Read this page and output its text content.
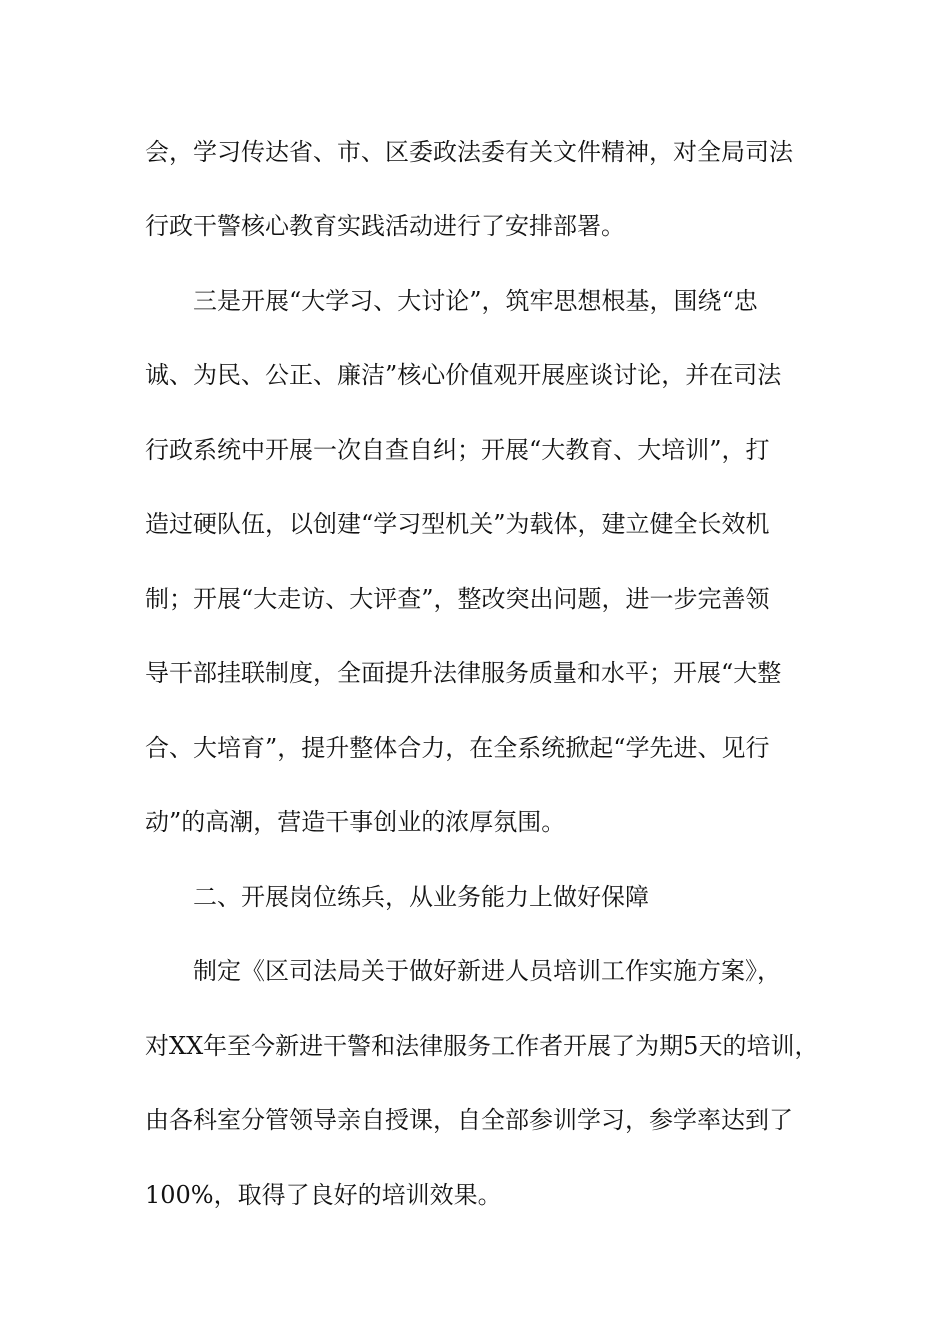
会，学习传达省、市、区委政法委有关文件精神，对全局司法

行政干警核心教育实践活动进行了安排部署。

三是开展“大学习、大讨论”，筑牢思想根基，围绕“忠

诚、为民、公正、廉洁”核心价值观开展座谈讨论，并在司法

行政系统中开展一次自查自纠；开展“大教育、大培训”，打

造过硬队伍，以创建“学习型机关”为载体，建立健全长效机

制；开展“大走访、大评查”，整改突出问题，进一步完善领

导干部挂联制度，全面提升法律服务质量和水平；开展“大整

合、大培育”，提升整体合力，在全系统掀起“学先进、见行

动”的高潮，营造干事创业的浓厚氛围。

二、开展岗位练兵，从业务能力上做好保障

制定《区司法局关于做好新进人员培训工作实施方案》，

对XX年至今新进干警和法律服务工作者开展了为期5天的培训，

由各科室分管领导亲自授课，自全部参训学习，参学率达到了

100%，取得了良好的培训效果。
